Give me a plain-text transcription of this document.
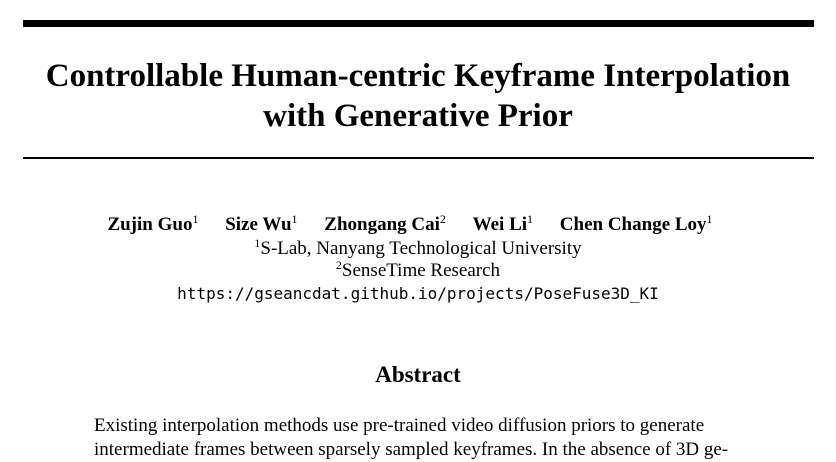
Controllable Human-centric Keyframe Interpolation
with Generative Prior
Zujin Guo$^1$ Size Wu$^1$ Zhongang Cai$^2$ Wei Li$^1$ Chen Change Loy$^1$
$^1$S-Lab, Nanyang Technological University
$^2$SenseTime Research
https://gseancdat.github.io/projects/PoseFuse3D_KI
Abstract

Existing interpolation methods use pre-trained video diffusion priors to generate
intermediate frames between sparsely sampled keyframes. In the absence of 3D ge-
